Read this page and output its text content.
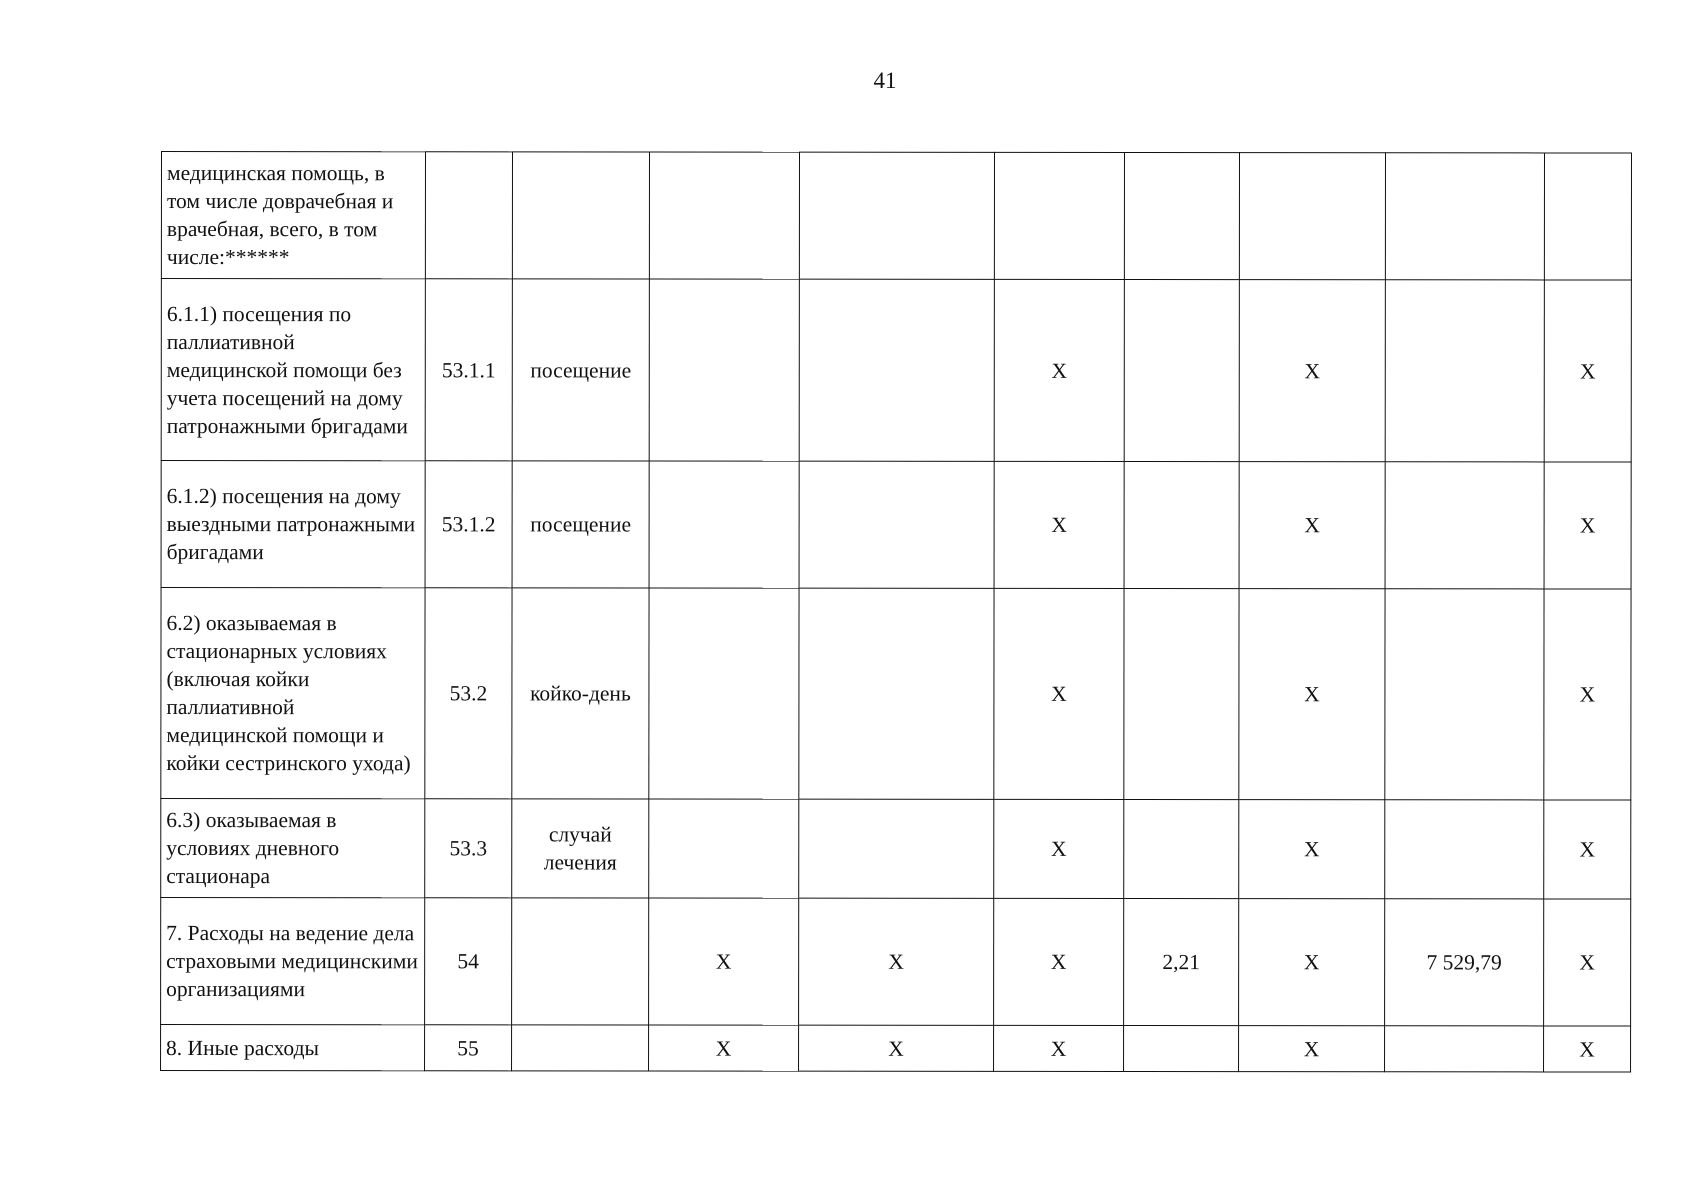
41
медицинская помощь, в том числе доврачебная и врачебная, всего, в том числе:******									
6.1.1) посещения по паллиативной медицинской помощи без учета посещений на дому патронажными бригадами	53.1.1	посещение			X		X		X
6.1.2) посещения на дому выездными патронажными бригадами	53.1.2	посещение			X		X		X
6.2) оказываемая в стационарных условиях (включая койки паллиативной медицинской помощи и койки сестринского ухода)	53.2	койко-день			X		X		X
6.3) оказываемая в условиях дневного стационара	53.3	случай лечения			X		X		X
7. Расходы на ведение дела страховыми медицинскими организациями	54		X	X	X	2,21	X	7 529,79	X
8. Иные расходы	55		X	X	X		X		X
